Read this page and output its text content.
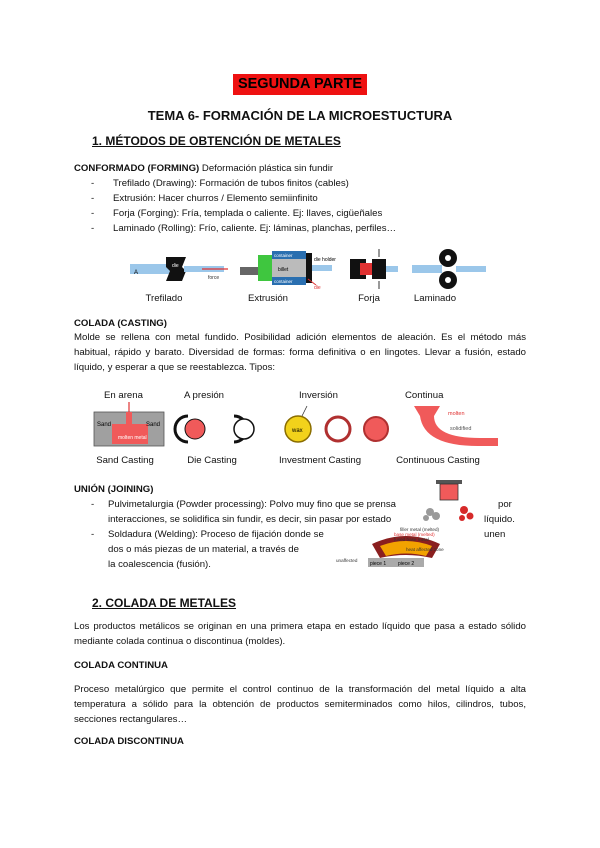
SEGUNDA PARTE
TEMA 6- FORMACIÓN DE LA MICROESTUCTURA
1. MÉTODOS DE OBTENCIÓN DE METALES
CONFORMADO (FORMING) Deformación plástica sin fundir
- Trefilado (Drawing): Formación de tubos finitos (cables)
- Extrusión: Hacer churros / Elemento semiinfinito
- Forja (Forging): Fría, templada o caliente. Ej: llaves, cigüeñales
- Laminado (Rolling): Frío, caliente. Ej: láminas, planchas, perfiles…
A
die
force
container
container
billet
die holder
die
Trefilado	Extrusión	Forja	Laminado
COLADA (CASTING)
Molde se rellena con metal fundido. Posibilidad adición elementos de aleación. Es el método más habitual, rápido y barato. Diversidad de formas: forma definitiva o en lingotes. Llevar a fusión, estado líquido, y esperar a que se reestablezca. Tipos:
En arena	A presión	Inversión	Continua
Sand	Sand
molten metal
wax
molten
solidified
Sand Casting	Die Casting	Investment Casting	Continuous Casting
UNIÓN (JOINING)
- Pulvimetalurgia (Powder processing): Polvo muy fino que se prensa	por
interacciones, se solidifica sin fundir, es decir, sin pasar por estado	líquido.
- Soldadura (Welding): Proceso de fijación donde se	unen
dos o más piezas de un material, a través de
la coalescencia (fusión).	piece 1 piece 2
filler metal (melted)
base metal (melted)
fused base metal
heat affected zone
unaffected
2. COLADA DE METALES
Los productos metálicos se originan en una primera etapa en estado líquido que pasa a estado sólido mediante colada continua o discontinua (moldes).
COLADA CONTINUA
Proceso metalúrgico que permite el control continuo de la transformación del metal líquido a alta temperatura a sólido para la obtención de productos semiterminados como hilos, cilindros, tubos, secciones rectangulares…
COLADA DISCONTINUA
